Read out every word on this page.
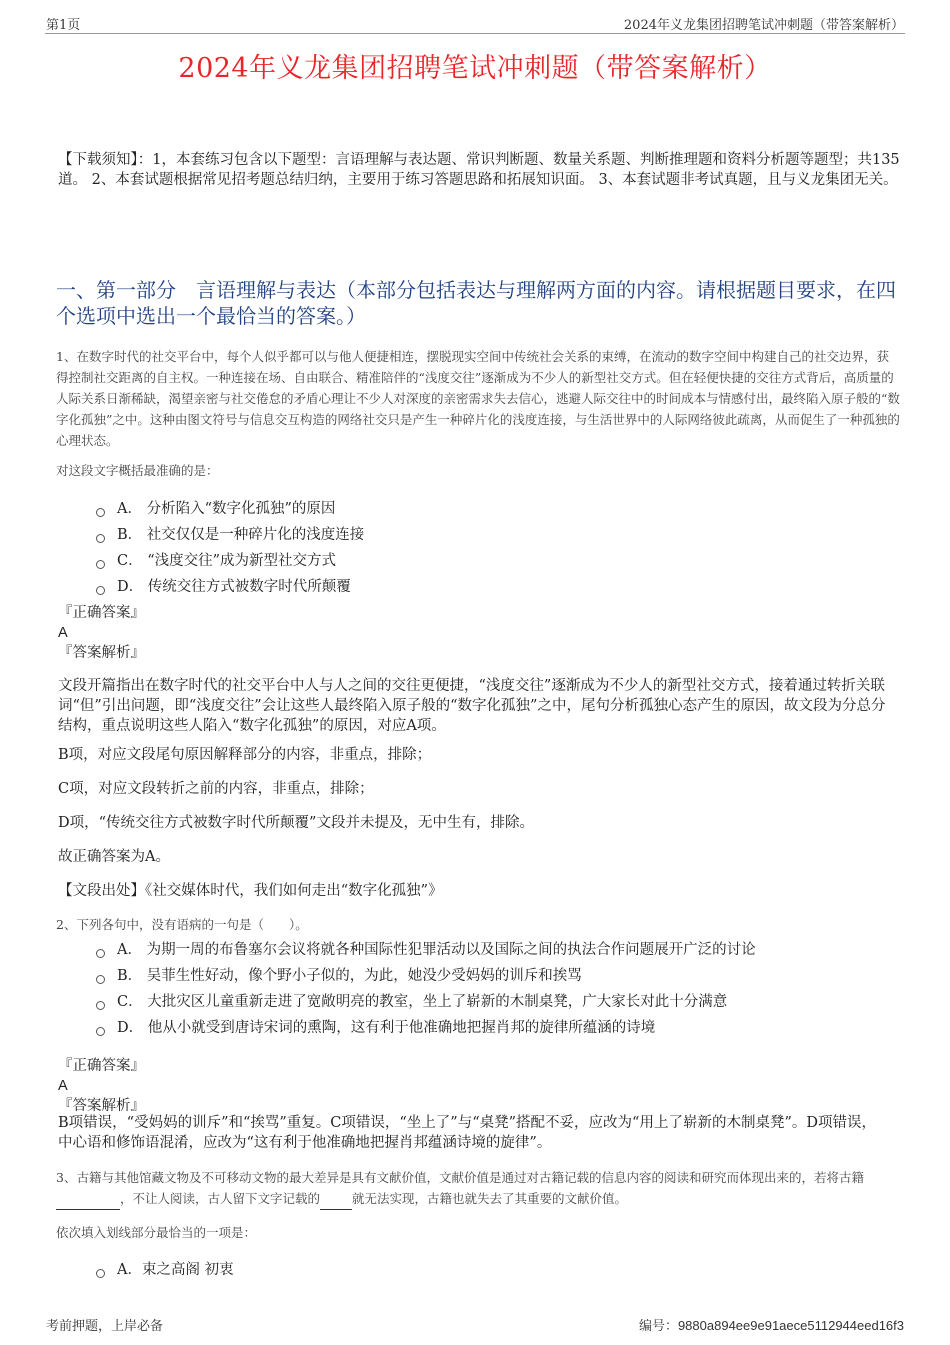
第1页	2024年义龙集团招聘笔试冲刺题（带答案解析）
2024年义龙集团招聘笔试冲刺题（带答案解析）
【下载须知】：1，本套练习包含以下题型：言语理解与表达题、常识判断题、数量关系题、判断推理题和资料分析题等题型；共135道。 2、本套试题根据常见招考题总结归纳，主要用于练习答题思路和拓展知识面。 3、本套试题非考试真题，且与义龙集团无关。
一、第一部分　言语理解与表达（本部分包括表达与理解两方面的内容。请根据题目要求，在四个选项中选出一个最恰当的答案。）
1、在数字时代的社交平台中，每个人似乎都可以与他人便捷相连，摆脱现实空间中传统社会关系的束缚，在流动的数字空间中构建自己的社交边界，获得控制社交距离的自主权。一种连接在场、自由联合、精准陪伴的“浅度交往”逐渐成为不少人的新型社交方式。但在轻便快捷的交往方式背后，高质量的人际关系日渐稀缺，渴望亲密与社交倦怠的矛盾心理让不少人对深度的亲密需求失去信心，逃避人际交往中的时间成本与情感付出，最终陷入原子般的“数字化孤独”之中。这种由图文符号与信息交互构造的网络社交只是产生一种碎片化的浅度连接，与生活世界中的人际网络彼此疏离，从而促生了一种孤独的心理状态。
对这段文字概括最准确的是：
A． 分析陷入“数字化孤独”的原因
B． 社交仅仅是一种碎片化的浅度连接
C． “浅度交往”成为新型社交方式
D． 传统交往方式被数字时代所颠覆
『正确答案』
A
『答案解析』
文段开篇指出在数字时代的社交平台中人与人之间的交往更便捷，“浅度交往”逐渐成为不少人的新型社交方式，接着通过转折关联词“但”引出问题，即“浅度交往”会让这些人最终陷入原子般的“数字化孤独”之中，尾句分析孤独心态产生的原因，故文段为分总分结构，重点说明这些人陷入“数字化孤独”的原因，对应A项。
B项，对应文段尾句原因解释部分的内容，非重点，排除；
C项，对应文段转折之前的内容，非重点，排除；
D项，“传统交往方式被数字时代所颠覆”文段并未提及，无中生有，排除。
故正确答案为A。
【文段出处】《社交媒体时代，我们如何走出“数字化孤独”》
2、下列各句中，没有语病的一句是（　　）。
A． 为期一周的布鲁塞尔会议将就各种国际性犯罪活动以及国际之间的执法合作问题展开广泛的讨论
B． 吴菲生性好动，像个野小子似的，为此，她没少受妈妈的训斥和挨骂
C． 大批灾区儿童重新走进了宽敞明亮的教室，坐上了崭新的木制桌凳，广大家长对此十分满意
D． 他从小就受到唐诗宋词的熏陶，这有利于他准确地把握肖邦的旋律所蕴涵的诗境
『正确答案』
A
『答案解析』
B项错误，“受妈妈的训斥”和“挨骂”重复。C项错误，“坐上了”与“桌凳”搭配不妥，应改为“用上了崭新的木制桌凳”。D项错误，中心语和修饰语混淆，应改为“这有利于他准确地把握肖邦蕴涵诗境的旋律”。
3、古籍与其他馆藏文物及不可移动文物的最大差异是具有文献价值，文献价值是通过对古籍记载的信息内容的阅读和研究而体现出来的，若将古籍 ，不让人阅读，古人留下文字记载的	就无法实现，古籍也就失去了其重要的文献价值。
依次填入划线部分最恰当的一项是：
A．束之高阁 初衷
考前押题，上岸必备	编号：9880a894ee9e91aece5112944eed16f3
